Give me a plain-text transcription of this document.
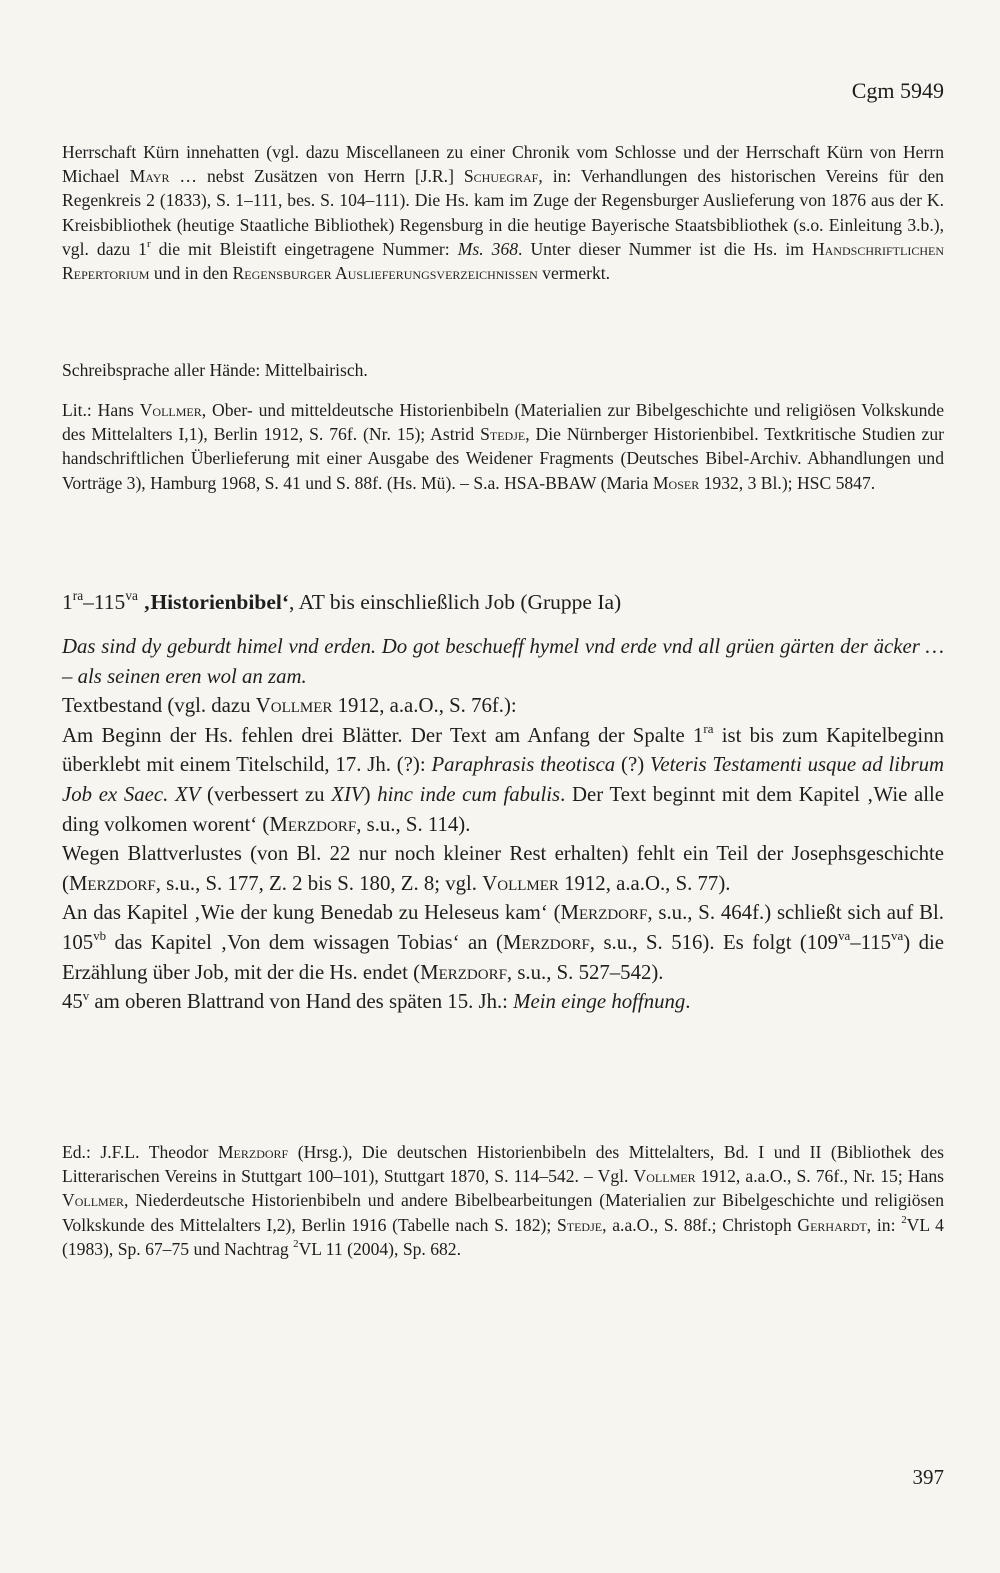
Cgm 5949

Herrschaft Kürn innehatten (vgl. dazu Miscellaneen zu einer Chronik vom Schlosse und der Herrschaft Kürn von Herrn Michael Mayr … nebst Zusätzen von Herrn [J.R.] Schuegraf, in: Verhandlungen des historischen Vereins für den Regenkreis 2 (1833), S. 1–111, bes. S. 104–111). Die Hs. kam im Zuge der Regensburger Auslieferung von 1876 aus der K. Kreisbibliothek (heutige Staatliche Bibliothek) Regensburg in die heutige Bayerische Staatsbibliothek (s.o. Einleitung 3.b.), vgl. dazu 1$^r$ die mit Bleistift eingetragene Nummer: Ms. 368. Unter dieser Nummer ist die Hs. im Handschriftlichen Repertorium und in den Regensburger Auslieferungsverzeichnissen vermerkt.

Schreibsprache aller Hände: Mittelbairisch.

Lit.: Hans Vollmer, Ober- und mitteldeutsche Historienbibeln (Materialien zur Bibelgeschichte und religiösen Volkskunde des Mittelalters I,1), Berlin 1912, S. 76f. (Nr. 15); Astrid Stedje, Die Nürnberger Historienbibel. Textkritische Studien zur handschriftlichen Überlieferung mit einer Ausgabe des Weidener Fragments (Deutsches Bibel-Archiv. Abhandlungen und Vorträge 3), Hamburg 1968, S. 41 und S. 88f. (Hs. Mü). – S.a. HSA-BBAW (Maria Moser 1932, 3 Bl.); HSC 5847.

$1^{ra}-115^{va}$ ‚Historienbibel‘, AT bis einschließlich Job (Gruppe Ia)

Das sind dy geburdt himel vnd erden. Do got beschueff hymel vnd erde vnd all grüen gärten der äcker … – als seinen eren wol an zam.

Textbestand (vgl. dazu Vollmer 1912, a.a.O., S. 76f.):

Am Beginn der Hs. fehlen drei Blätter. Der Text am Anfang der Spalte $1^{ra}$ ist bis zum Kapitelbeginn überklebt mit einem Titelschild, 17. Jh. (?): Paraphrasis theotisca (?) Veteris Testamenti usque ad librum Job ex Saec. XV (verbessert zu XIV) hinc inde cum fabulis. Der Text beginnt mit dem Kapitel ‚Wie alle ding volkomen worent‘ (Merzdorf, s.u., S. 114).

Wegen Blattverlustes (von Bl. 22 nur noch kleiner Rest erhalten) fehlt ein Teil der Josephsgeschichte (Merzdorf, s.u., S. 177, Z. 2 bis S. 180, Z. 8; vgl. Vollmer 1912, a.a.O., S. 77).

An das Kapitel ‚Wie der kung Benedab zu Heleseus kam‘ (Merzdorf, s.u., S. 464f.) schließt sich auf Bl. $105^{vb}$ das Kapitel ‚Von dem wissagen Tobias‘ an (Merzdorf, s.u., S. 516). Es folgt $(109^{va}-115^{va})$ die Erzählung über Job, mit der die Hs. endet (Merzdorf, s.u., S. 527–542).

45$^v$ am oberen Blattrand von Hand des späten 15. Jh.: Mein einge hoffnung.

Ed.: J.F.L. Theodor Merzdorf (Hrsg.), Die deutschen Historienbibeln des Mittelalters, Bd. I und II (Bibliothek des Litterarischen Vereins in Stuttgart 100–101), Stuttgart 1870, S. 114–542. – Vgl. Vollmer 1912, a.a.O., S. 76f., Nr. 15; Hans Vollmer, Niederdeutsche Historienbibeln und andere Bibelbearbeitungen (Materialien zur Bibelgeschichte und religiösen Volkskunde des Mittelalters I,2), Berlin 1916 (Tabelle nach S. 182); Stedje, a.a.O., S. 88f.; Christoph Gerhardt, in: $^2$VL 4 (1983), Sp. 67–75 und Nachtrag $^2$VL 11 (2004), Sp. 682.

397
